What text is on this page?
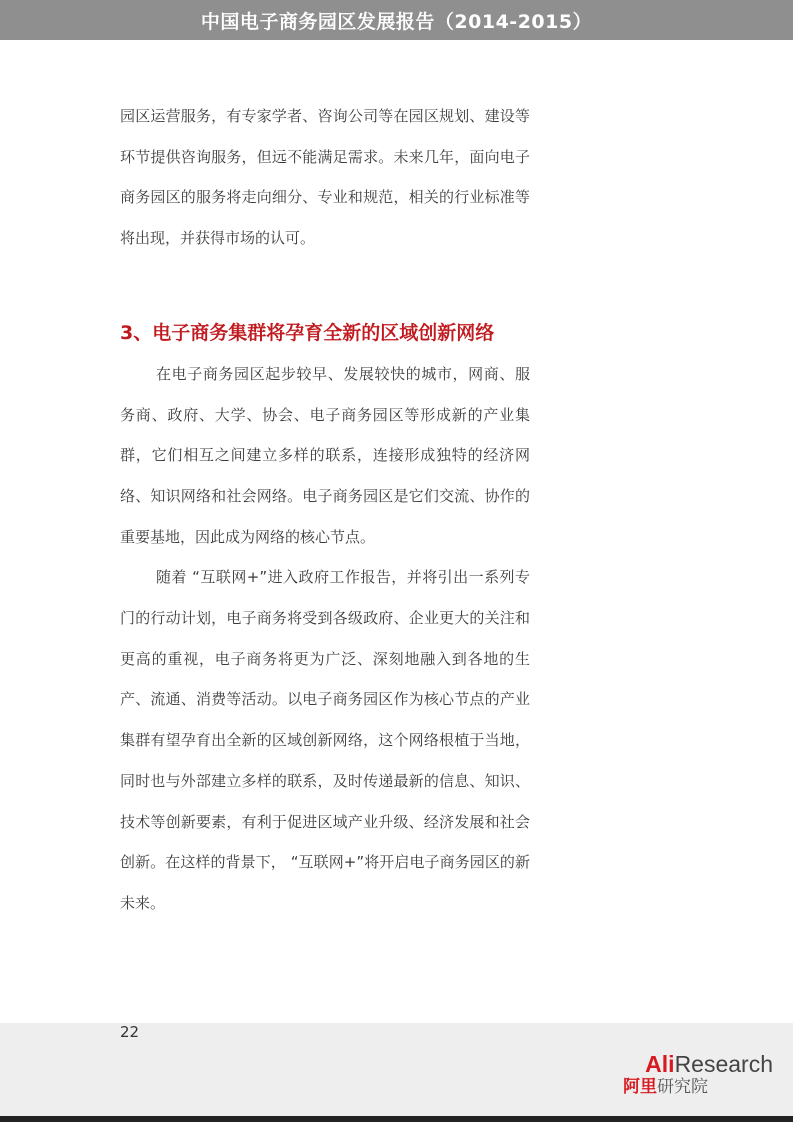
中国电子商务园区发展报告（2014-2015）

园区运营服务，有专家学者、咨询公司等在园区规划、建设等环节提供咨询服务，但远不能满足需求。未来几年，面向电子商务园区的服务将走向细分、专业和规范，相关的行业标准等将出现，并获得市场的认可。

3、电子商务集群将孕育全新的区域创新网络

在电子商务园区起步较早、发展较快的城市，网商、服务商、政府、大学、协会、电子商务园区等形成新的产业集群，它们相互之间建立多样的联系，连接形成独特的经济网络、知识网络和社会网络。电子商务园区是它们交流、协作的重要基地，因此成为网络的核心节点。

随着 “互联网+”进入政府工作报告，并将引出一系列专门的行动计划，电子商务将受到各级政府、企业更大的关注和更高的重视，电子商务将更为广泛、深刻地融入到各地的生产、流通、消费等活动。以电子商务园区作为核心节点的产业集群有望孕育出全新的区域创新网络，这个网络根植于当地，同时也与外部建立多样的联系，及时传递最新的信息、知识、技术等创新要素，有利于促进区域产业升级、经济发展和社会创新。在这样的背景下， “互联网+”将开启电子商务园区的新未来。

22
AliResearch
阿里研究院
